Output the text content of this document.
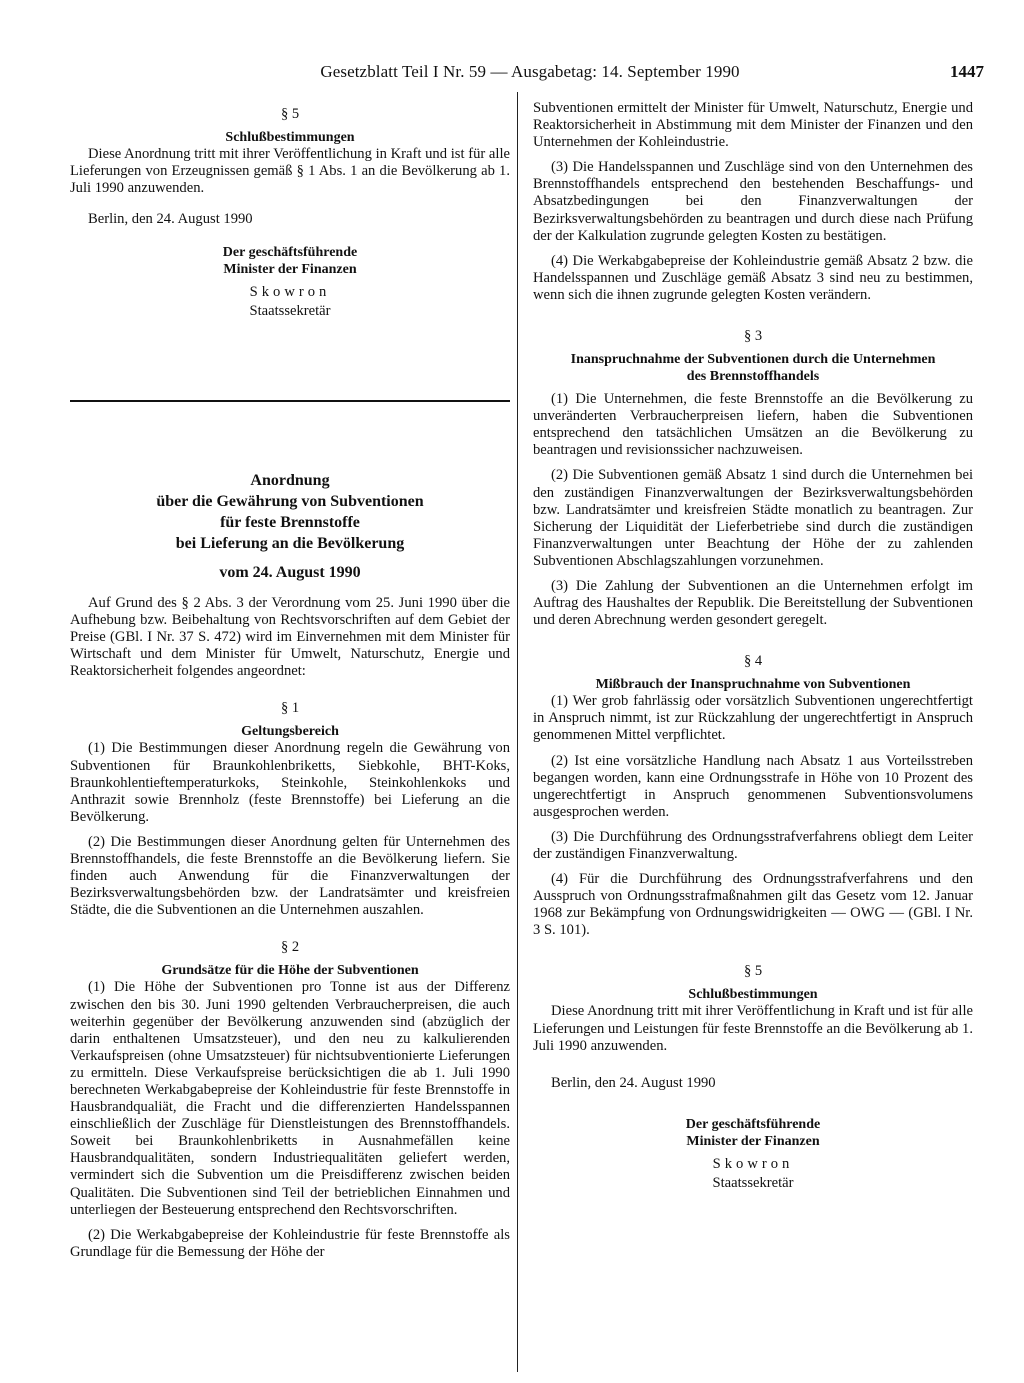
Gesetzblatt Teil I Nr. 59 — Ausgabetag: 14. September 1990	1447

§ 5

Schlußbestimmungen

Diese Anordnung tritt mit ihrer Veröffentlichung in Kraft und ist für alle Lieferungen von Erzeugnissen gemäß § 1 Abs. 1 an die Bevölkerung ab 1. Juli 1990 anzuwenden.

Berlin, den 24. August 1990

Der geschäftsführende

Minister der Finanzen

Skowron

Staatssekretär

Anordnung

über die Gewährung von Subventionen

für feste Brennstoffe

bei Lieferung an die Bevölkerung

vom 24. August 1990

Auf Grund des § 2 Abs. 3 der Verordnung vom 25. Juni 1990 über die Aufhebung bzw. Beibehaltung von Rechtsvorschriften auf dem Gebiet der Preise (GBl. I Nr. 37 S. 472) wird im Einvernehmen mit dem Minister für Wirtschaft und dem Minister für Umwelt, Naturschutz, Energie und Reaktorsicherheit folgendes angeordnet:

§ 1

Geltungsbereich

(1) Die Bestimmungen dieser Anordnung regeln die Gewährung von Subventionen für Braunkohlenbriketts, Siebkohle, BHT-Koks, Braunkohlentieftemperaturkoks, Steinkohle, Steinkohlenkoks und Anthrazit sowie Brennholz (feste Brennstoffe) bei Lieferung an die Bevölkerung.

(2) Die Bestimmungen dieser Anordnung gelten für Unternehmen des Brennstoffhandels, die feste Brennstoffe an die Bevölkerung liefern. Sie finden auch Anwendung für die Finanzverwaltungen der Bezirksverwaltungsbehörden bzw. der Landratsämter und kreisfreien Städte, die die Subventionen an die Unternehmen auszahlen.

§ 2

Grundsätze für die Höhe der Subventionen

(1) Die Höhe der Subventionen pro Tonne ist aus der Differenz zwischen den bis 30. Juni 1990 geltenden Verbraucherpreisen, die auch weiterhin gegenüber der Bevölkerung anzuwenden sind (abzüglich der darin enthaltenen Umsatzsteuer), und den neu zu kalkulierenden Verkaufspreisen (ohne Umsatzsteuer) für nichtsubventionierte Lieferungen zu ermitteln. Diese Verkaufspreise berücksichtigen die ab 1. Juli 1990 berechneten Werkabgabepreise der Kohleindustrie für feste Brennstoffe in Hausbrandqualiät, die Fracht und die differenzierten Handelsspannen einschließlich der Zuschläge für Dienstleistungen des Brennstoffhandels. Soweit bei Braunkohlenbriketts in Ausnahmefällen keine Hausbrandqualitäten, sondern Industriequalitäten geliefert werden, vermindert sich die Subvention um die Preisdifferenz zwischen beiden Qualitäten. Die Subventionen sind Teil der betrieblichen Einnahmen und unterliegen der Besteuerung entsprechend den Rechtsvorschriften.

(2) Die Werkabgabepreise der Kohleindustrie für feste Brennstoffe als Grundlage für die Bemessung der Höhe der

Subventionen ermittelt der Minister für Umwelt, Naturschutz, Energie und Reaktorsicherheit in Abstimmung mit dem Minister der Finanzen und den Unternehmen der Kohleindustrie.

(3) Die Handelsspannen und Zuschläge sind von den Unternehmen des Brennstoffhandels entsprechend den bestehenden Beschaffungs- und Absatzbedingungen bei den Finanzverwaltungen der Bezirksverwaltungsbehörden zu beantragen und durch diese nach Prüfung der der Kalkulation zugrunde gelegten Kosten zu bestätigen.

(4) Die Werkabgabepreise der Kohleindustrie gemäß Absatz 2 bzw. die Handelsspannen und Zuschläge gemäß Absatz 3 sind neu zu bestimmen, wenn sich die ihnen zugrunde gelegten Kosten verändern.

§ 3

Inanspruchnahme der Subventionen durch die Unternehmen

des Brennstoffhandels

(1) Die Unternehmen, die feste Brennstoffe an die Bevölkerung zu unveränderten Verbraucherpreisen liefern, haben die Subventionen entsprechend den tatsächlichen Umsätzen an die Bevölkerung zu beantragen und revisionssicher nachzuweisen.

(2) Die Subventionen gemäß Absatz 1 sind durch die Unternehmen bei den zuständigen Finanzverwaltungen der Bezirksverwaltungsbehörden bzw. Landratsämter und kreisfreien Städte monatlich zu beantragen. Zur Sicherung der Liquidität der Lieferbetriebe sind durch die zuständigen Finanzverwaltungen unter Beachtung der Höhe der zu zahlenden Subventionen Abschlagszahlungen vorzunehmen.

(3) Die Zahlung der Subventionen an die Unternehmen erfolgt im Auftrag des Haushaltes der Republik. Die Bereitstellung der Subventionen und deren Abrechnung werden gesondert geregelt.

§ 4

Mißbrauch der Inanspruchnahme von Subventionen

(1) Wer grob fahrlässig oder vorsätzlich Subventionen ungerechtfertigt in Anspruch nimmt, ist zur Rückzahlung der ungerechtfertigt in Anspruch genommenen Mittel verpflichtet.

(2) Ist eine vorsätzliche Handlung nach Absatz 1 aus Vorteilsstreben begangen worden, kann eine Ordnungsstrafe in Höhe von 10 Prozent des ungerechtfertigt in Anspruch genommenen Subventionsvolumens ausgesprochen werden.

(3) Die Durchführung des Ordnungsstrafverfahrens obliegt dem Leiter der zuständigen Finanzverwaltung.

(4) Für die Durchführung des Ordnungsstrafverfahrens und den Ausspruch von Ordnungsstrafmaßnahmen gilt das Gesetz vom 12. Januar 1968 zur Bekämpfung von Ordnungswidrigkeiten — OWG — (GBl. I Nr. 3 S. 101).

§ 5

Schlußbestimmungen

Diese Anordnung tritt mit ihrer Veröffentlichung in Kraft und ist für alle Lieferungen und Leistungen für feste Brennstoffe an die Bevölkerung ab 1. Juli 1990 anzuwenden.

Berlin, den 24. August 1990

Der geschäftsführende

Minister der Finanzen

Skowron

Staatssekretär
